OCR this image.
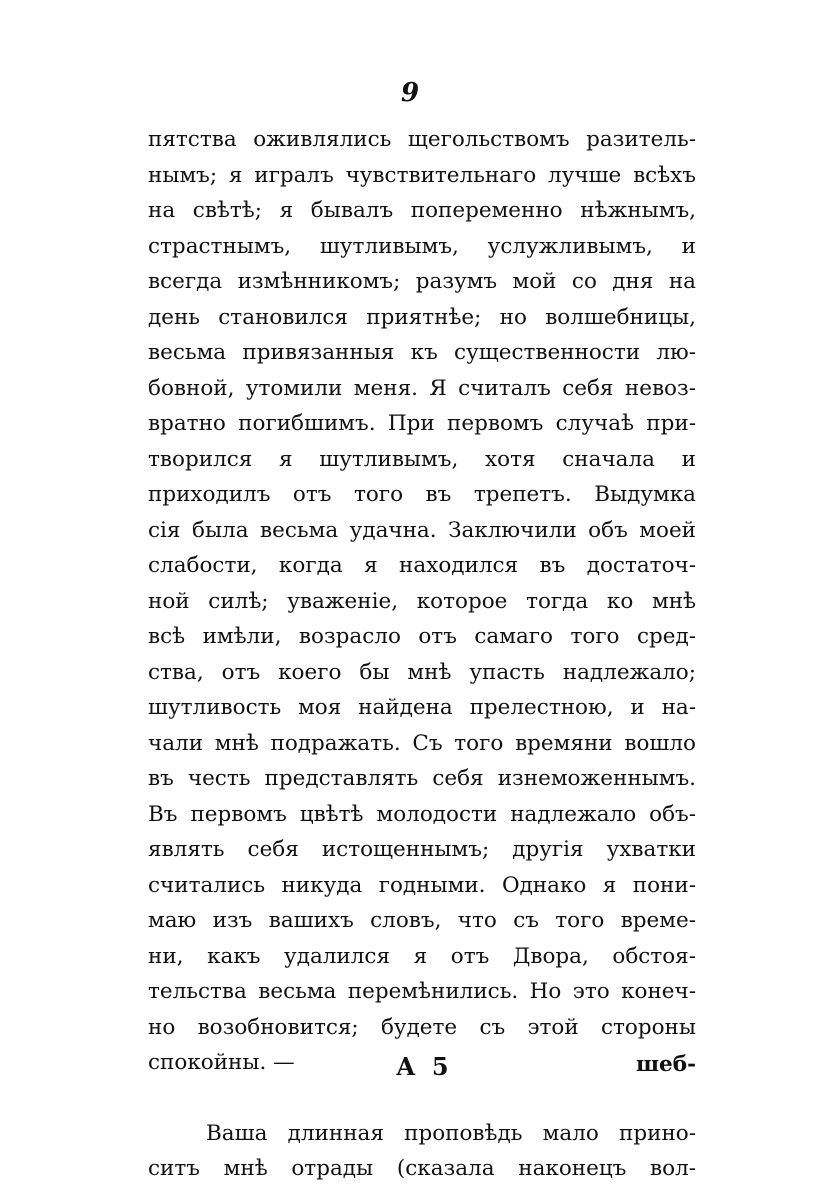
9
пятства оживлялись щегольствомъ разитель-
нымъ; я игралъ чувствительнаго лучше всѣхъ
на свѣтѣ; я бывалъ попеременно нѣжнымъ,
страстнымъ, шутливымъ, услужливымъ, и
всегда измѣнникомъ; разумъ мой со дня на
день становился приятнѣе; но волшебницы,
весьма привязанныя къ существенности лю-
бовной, утомили меня. Я считалъ себя невоз-
вратно погибшимъ. При первомъ случаѣ при-
творился я шутливымъ, хотя сначала и
приходилъ отъ того въ трепетъ. Выдумка
сія была весьма удачна. Заключили объ моей
слабости, когда я находился въ достаточ-
ной силѣ; уваженіе, которое тогда ко мнѣ
всѣ имѣли, возрасло отъ самаго того сред-
ства, отъ коего бы мнѣ упасть надлежало;
шутливость моя найдена прелестною, и на-
чали мнѣ подражать. Съ того времяни вошло
въ честь представлять себя изнеможеннымъ.
Въ первомъ цвѣтѣ молодости надлежало объ-
являть себя истощеннымъ; другія ухватки
считались никуда годными. Однако я пони-
маю изъ вашихъ словъ, что съ того време-
ни, какъ удалился я отъ Двора, обстоя-
тельства весьма перемѣнились. Но это конеч-
но возобновится; будете съ этой стороны
спокойны. —
Ваша длинная проповѣдь мало прино-
ситъ мнѣ отрады (сказала наконецъ вол-
А 5	шеб-
